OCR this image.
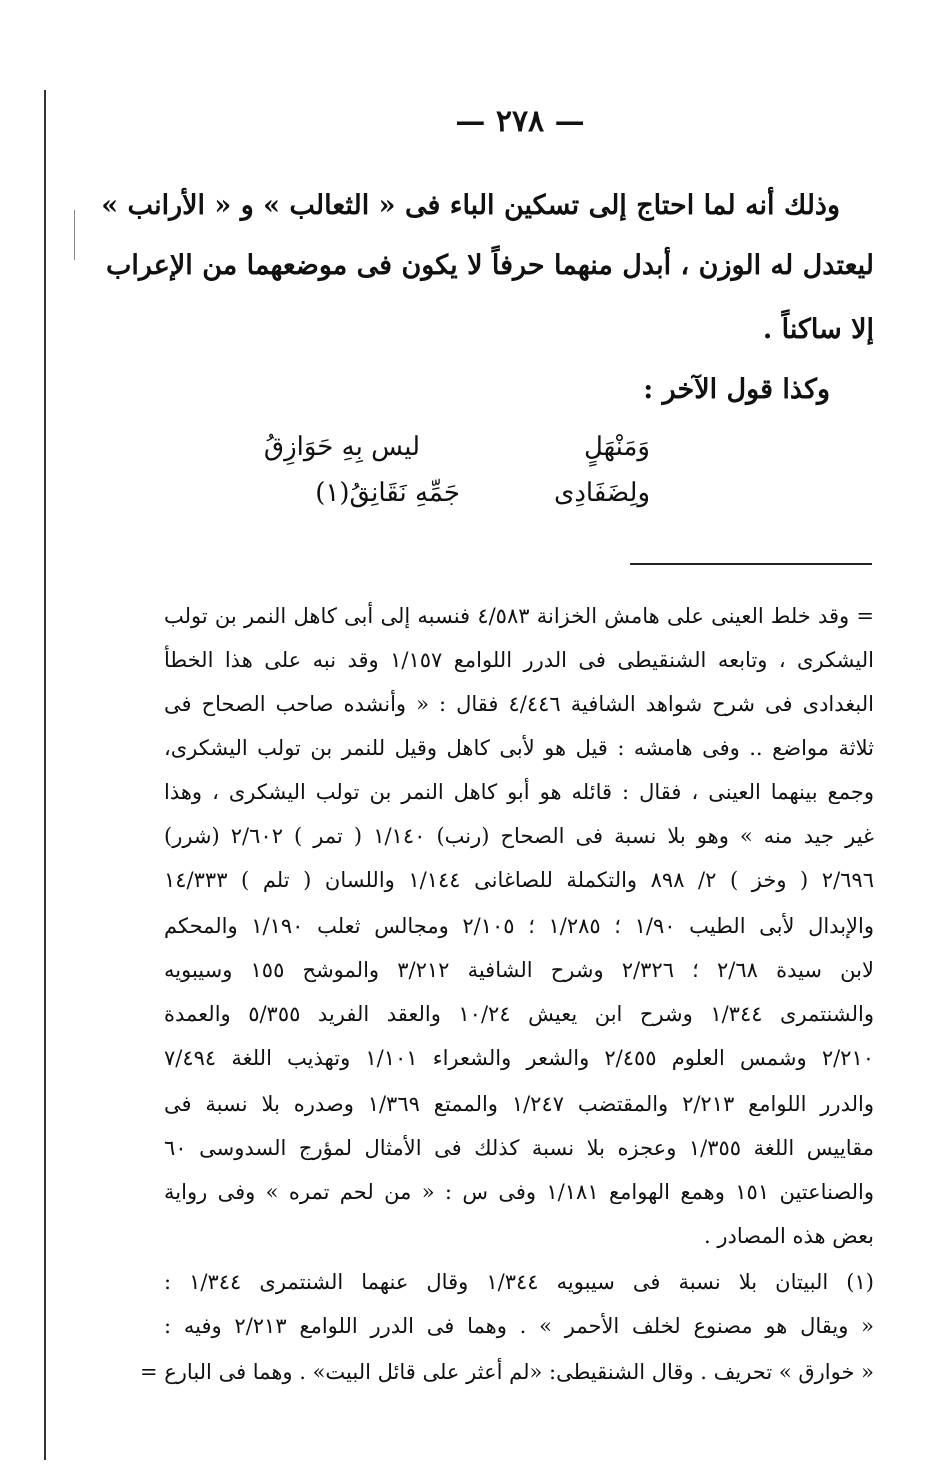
— ٢٧٨ —
وذلك أنه لما احتاج إلى تسكين الباء فى « الثعالب » و « الأرانب »
ليعتدل له الوزن ، أبدل منهما حرفاً لا يكون فى موضعهما من الإعراب
إلا ساكناً .
وكذا قول الآخر :
وَمَنْهَلٍ
ليس بِهِ حَوَازِقُ
ولِضَفَادِى
جَمِّهِ نَقَانِقُ(١)
= وقد خلط العينى على هامش الخزانة ٤/٥٨٣ فنسبه إلى أبى كاهل النمر بن تولب
اليشكرى ، وتابعه الشنقيطى فى الدرر اللوامع ١/١٥٧ وقد نبه على هذا الخطأ
البغدادى فى شرح شواهد الشافية ٤/٤٤٦ فقال : « وأنشده صاحب الصحاح فى
ثلاثة مواضع .. وفى هامشه : قيل هو لأبى كاهل وقيل للنمر بن تولب اليشكرى،
وجمع بينهما العينى ، فقال : قائله هو أبو كاهل النمر بن تولب اليشكرى ، وهذا
غير جيد منه » وهو بلا نسبة فى الصحاح (رنب) ١/١٤٠ ( تمر ) ٢/٦٠٢ (شرر)
٢/٦٩٦ ( وخز ) ٢/ ٨٩٨ والتكملة للصاغانى ١/١٤٤ واللسان ( تلم ) ١٤/٣٣٣
والإبدال لأبى الطيب ١/٩٠ ؛ ١/٢٨٥ ؛ ٢/١٠٥ ومجالس ثعلب ١/١٩٠ والمحكم
لابن سيدة ٢/٦٨ ؛ ٢/٣٢٦ وشرح الشافية ٣/٢١٢ والموشح ١٥٥ وسيبويه
والشنتمرى ١/٣٤٤ وشرح ابن يعيش ١٠/٢٤ والعقد الفريد ٥/٣٥٥ والعمدة
٢/٢١٠ وشمس العلوم ٢/٤٥٥ والشعر والشعراء ١/١٠١ وتهذيب اللغة ٧/٤٩٤
والدرر اللوامع ٢/٢١٣ والمقتضب ١/٢٤٧ والممتع ١/٣٦٩ وصدره بلا نسبة فى
مقاييس اللغة ١/٣٥٥ وعجزه بلا نسبة كذلك فى الأمثال لمؤرج السدوسى ٦٠
والصناعتين ١٥١ وهمع الهوامع ١/١٨١ وفى س : « من لحم تمره » وفى رواية
بعض هذه المصادر .
(١) البيتان بلا نسبة فى سيبويه ١/٣٤٤ وقال عنهما الشنتمرى ١/٣٤٤ :
« ويقال هو مصنوع لخلف الأحمر » . وهما فى الدرر اللوامع ٢/٢١٣ وفيه :
« خوارق » تحريف . وقال الشنقيطى: «لم أعثر على قائل البيت» . وهما فى البارع =
